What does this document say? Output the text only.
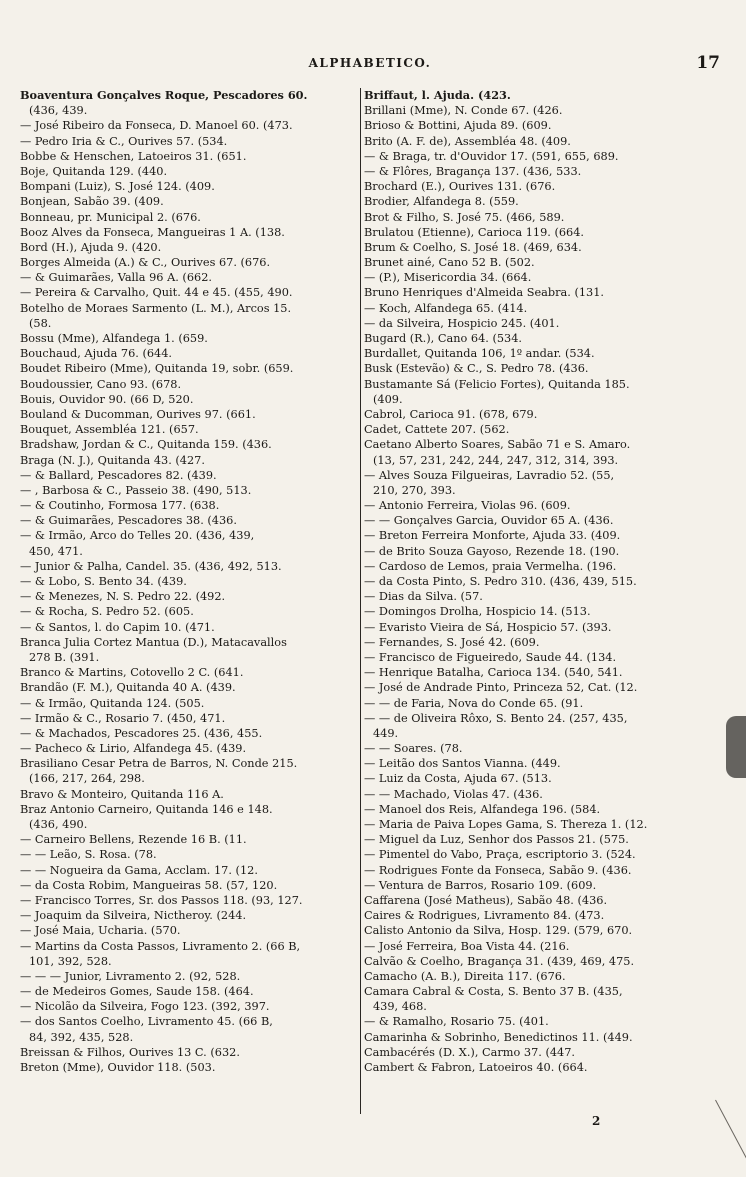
ALPHABETICO.	17
Boaventura Gonçalves Roque, Pescadores 60.
(436, 439.
— José Ribeiro da Fonseca, D. Manoel 60. (473.
— Pedro Iria & C., Ourives 57. (534.
Bobbe & Henschen, Latoeiros 31. (651.
Boje, Quitanda 129. (440.
Bompani (Luiz), S. José 124. (409.
Bonjean, Sabão 39. (409.
Bonneau, pr. Municipal 2. (676.
Booz Alves da Fonseca, Mangueiras 1 A. (138.
Bord (H.), Ajuda 9. (420.
Borges Almeida (A.) & C., Ourives 67. (676.
— & Guimarães, Valla 96 A. (662.
— Pereira & Carvalho, Quit. 44 e 45. (455, 490.
Botelho de Moraes Sarmento (L. M.), Arcos 15.
(58.
Bossu (Mme), Alfandega 1. (659.
Bouchaud, Ajuda 76. (644.
Boudet Ribeiro (Mme), Quitanda 19, sobr. (659.
Boudoussier, Cano 93. (678.
Bouis, Ouvidor 90. (66 D, 520.
Bouland & Ducomman, Ourives 97. (661.
Bouquet, Assembléa 121. (657.
Bradshaw, Jordan & C., Quitanda 159. (436.
Braga (N. J.), Quitanda 43. (427.
— & Ballard, Pescadores 82. (439.
— , Barbosa & C., Passeio 38. (490, 513.
— & Coutinho, Formosa 177. (638.
— & Guimarães, Pescadores 38. (436.
— & Irmão, Arco do Telles 20. (436, 439,
450, 471.
— Junior & Palha, Candel. 35. (436, 492, 513.
— & Lobo, S. Bento 34. (439.
— & Menezes, N. S. Pedro 22. (492.
— & Rocha, S. Pedro 52. (605.
— & Santos, l. do Capim 10. (471.
Branca Julia Cortez Mantua (D.), Matacavallos
278 B. (391.
Branco & Martins, Cotovello 2 C. (641.
Brandão (F. M.), Quitanda 40 A. (439.
— & Irmão, Quitanda 124. (505.
— Irmão & C., Rosario 7. (450, 471.
— & Machados, Pescadores 25. (436, 455.
— Pacheco & Lirio, Alfandega 45. (439.
Brasiliano Cesar Petra de Barros, N. Conde 215.
(166, 217, 264, 298.
Bravo & Monteiro, Quitanda 116 A.
Braz Antonio Carneiro, Quitanda 146 e 148.
(436, 490.
— Carneiro Bellens, Rezende 16 B. (11.
— — Leão, S. Rosa. (78.
— — Nogueira da Gama, Acclam. 17. (12.
— da Costa Robim, Mangueiras 58. (57, 120.
— Francisco Torres, Sr. dos Passos 118. (93, 127.
— Joaquim da Silveira, Nictheroy. (244.
— José Maia, Ucharia. (570.
— Martins da Costa Passos, Livramento 2. (66 B,
101, 392, 528.
— — — Junior, Livramento 2. (92, 528.
— de Medeiros Gomes, Saude 158. (464.
— Nicolão da Silveira, Fogo 123. (392, 397.
— dos Santos Coelho, Livramento 45. (66 B,
84, 392, 435, 528.
Breissan & Filhos, Ourives 13 C. (632.
Breton (Mme), Ouvidor 118. (503.
Briffaut, l. Ajuda. (423.
Brillani (Mme), N. Conde 67. (426.
Brioso & Bottini, Ajuda 89. (609.
Brito (A. F. de), Assembléa 48. (409.
— & Braga, tr. d'Ouvidor 17. (591, 655, 689.
— & Flôres, Bragança 137. (436, 533.
Brochard (E.), Ourives 131. (676.
Brodier, Alfandega 8. (559.
Brot & Filho, S. José 75. (466, 589.
Brulatou (Etienne), Carioca 119. (664.
Brum & Coelho, S. José 18. (469, 634.
Brunet ainé, Cano 52 B. (502.
— (P.), Misericordia 34. (664.
Bruno Henriques d'Almeida Seabra. (131.
— Koch, Alfandega 65. (414.
— da Silveira, Hospicio 245. (401.
Bugard (R.), Cano 64. (534.
Burdallet, Quitanda 106, 1º andar. (534.
Busk (Estevão) & C., S. Pedro 78. (436.
Bustamante Sá (Felicio Fortes), Quitanda 185.
(409.
Cabrol, Carioca 91. (678, 679.
Cadet, Cattete 207. (562.
Caetano Alberto Soares, Sabão 71 e S. Amaro.
(13, 57, 231, 242, 244, 247, 312, 314, 393.
— Alves Souza Filgueiras, Lavradio 52. (55,
210, 270, 393.
— Antonio Ferreira, Violas 96. (609.
— — Gonçalves Garcia, Ouvidor 65 A. (436.
— Breton Ferreira Monforte, Ajuda 33. (409.
— de Brito Souza Gayoso, Rezende 18. (190.
— Cardoso de Lemos, praia Vermelha. (196.
— da Costa Pinto, S. Pedro 310. (436, 439, 515.
— Dias da Silva. (57.
— Domingos Drolha, Hospicio 14. (513.
— Evaristo Vieira de Sá, Hospicio 57. (393.
— Fernandes, S. José 42. (609.
— Francisco de Figueiredo, Saude 44. (134.
— Henrique Batalha, Carioca 134. (540, 541.
— José de Andrade Pinto, Princeza 52, Cat. (12.
— — de Faria, Nova do Conde 65. (91.
— — de Oliveira Rôxo, S. Bento 24. (257, 435,
449.
— — Soares. (78.
— Leitão dos Santos Vianna. (449.
— Luiz da Costa, Ajuda 67. (513.
— — Machado, Violas 47. (436.
— Manoel dos Reis, Alfandega 196. (584.
— Maria de Paiva Lopes Gama, S. Thereza 1. (12.
— Miguel da Luz, Senhor dos Passos 21. (575.
— Pimentel do Vabo, Praça, escriptorio 3. (524.
— Rodrigues Fonte da Fonseca, Sabão 9. (436.
— Ventura de Barros, Rosario 109. (609.
Caffarena (José Matheus), Sabão 48. (436.
Caires & Rodrigues, Livramento 84. (473.
Calisto Antonio da Silva, Hosp. 129. (579, 670.
— José Ferreira, Boa Vista 44. (216.
Calvão & Coelho, Bragança 31. (439, 469, 475.
Camacho (A. B.), Direita 117. (676.
Camara Cabral & Costa, S. Bento 37 B. (435,
439, 468.
— & Ramalho, Rosario 75. (401.
Camarinha & Sobrinho, Benedictinos 11. (449.
Cambacérés (D. X.), Carmo 37. (447.
Cambert & Fabron, Latoeiros 40. (664.
2
